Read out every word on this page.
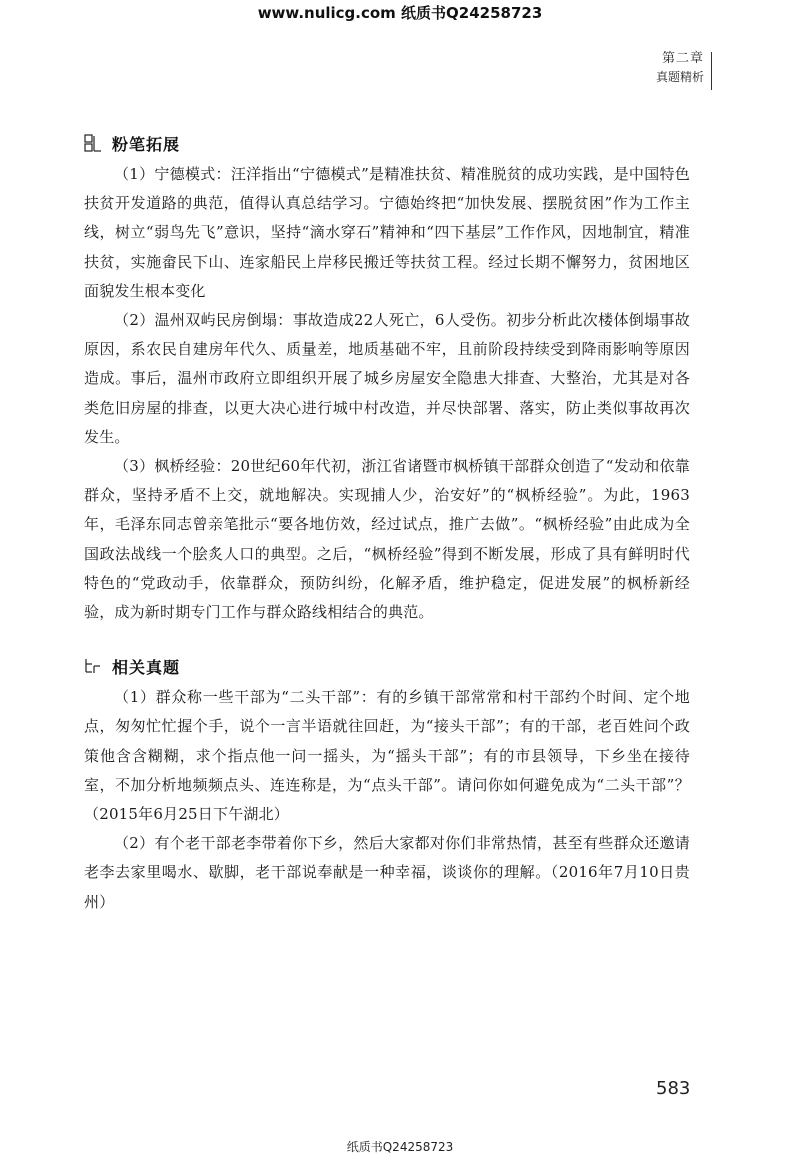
www.nulicg.com 纸质书Q24258723
第二章
真题精析
粉笔拓展

（1）宁德模式：汪洋指出“宁德模式”是精准扶贫、精准脱贫的成功实践，是中国特色扶贫开发道路的典范，值得认真总结学习。宁德始终把“加快发展、摆脱贫困”作为工作主线，树立“弱鸟先飞”意识，坚持“滴水穿石”精神和“四下基层”工作作风，因地制宜，精准扶贫，实施畲民下山、连家船民上岸移民搬迁等扶贫工程。经过长期不懈努力，贫困地区面貌发生根本变化

（2）温州双屿民房倒塌：事故造成22人死亡，6人受伤。初步分析此次楼体倒塌事故原因，系农民自建房年代久、质量差，地质基础不牢，且前阶段持续受到降雨影响等原因造成。事后，温州市政府立即组织开展了城乡房屋安全隐患大排查、大整治，尤其是对各类危旧房屋的排查，以更大决心进行城中村改造，并尽快部署、落实，防止类似事故再次发生。

（3）枫桥经验：20世纪60年代初，浙江省诸暨市枫桥镇干部群众创造了“发动和依靠群众，坚持矛盾不上交，就地解决。实现捕人少，治安好”的“枫桥经验”。为此，1963年，毛泽东同志曾亲笔批示“要各地仿效，经过试点，推广去做”。“枫桥经验”由此成为全国政法战线一个脍炙人口的典型。之后，“枫桥经验”得到不断发展，形成了具有鲜明时代特色的“党政动手，依靠群众，预防纠纷，化解矛盾，维护稳定，促进发展”的枫桥新经验，成为新时期专门工作与群众路线相结合的典范。

相关真题

（1）群众称一些干部为“二头干部”：有的乡镇干部常常和村干部约个时间、定个地点，匆匆忙忙握个手，说个一言半语就往回赶，为“接头干部”；有的干部，老百姓问个政策他含含糊糊，求个指点他一问一摇头，为“摇头干部”；有的市县领导，下乡坐在接待室，不加分析地频频点头、连连称是，为“点头干部”。请问你如何避免成为“二头干部”？（2015年6月25日下午湖北）

（2）有个老干部老李带着你下乡，然后大家都对你们非常热情，甚至有些群众还邀请老李去家里喝水、歇脚，老干部说奉献是一种幸福，谈谈你的理解。（2016年7月10日贵州）

583
纸质书Q24258723
